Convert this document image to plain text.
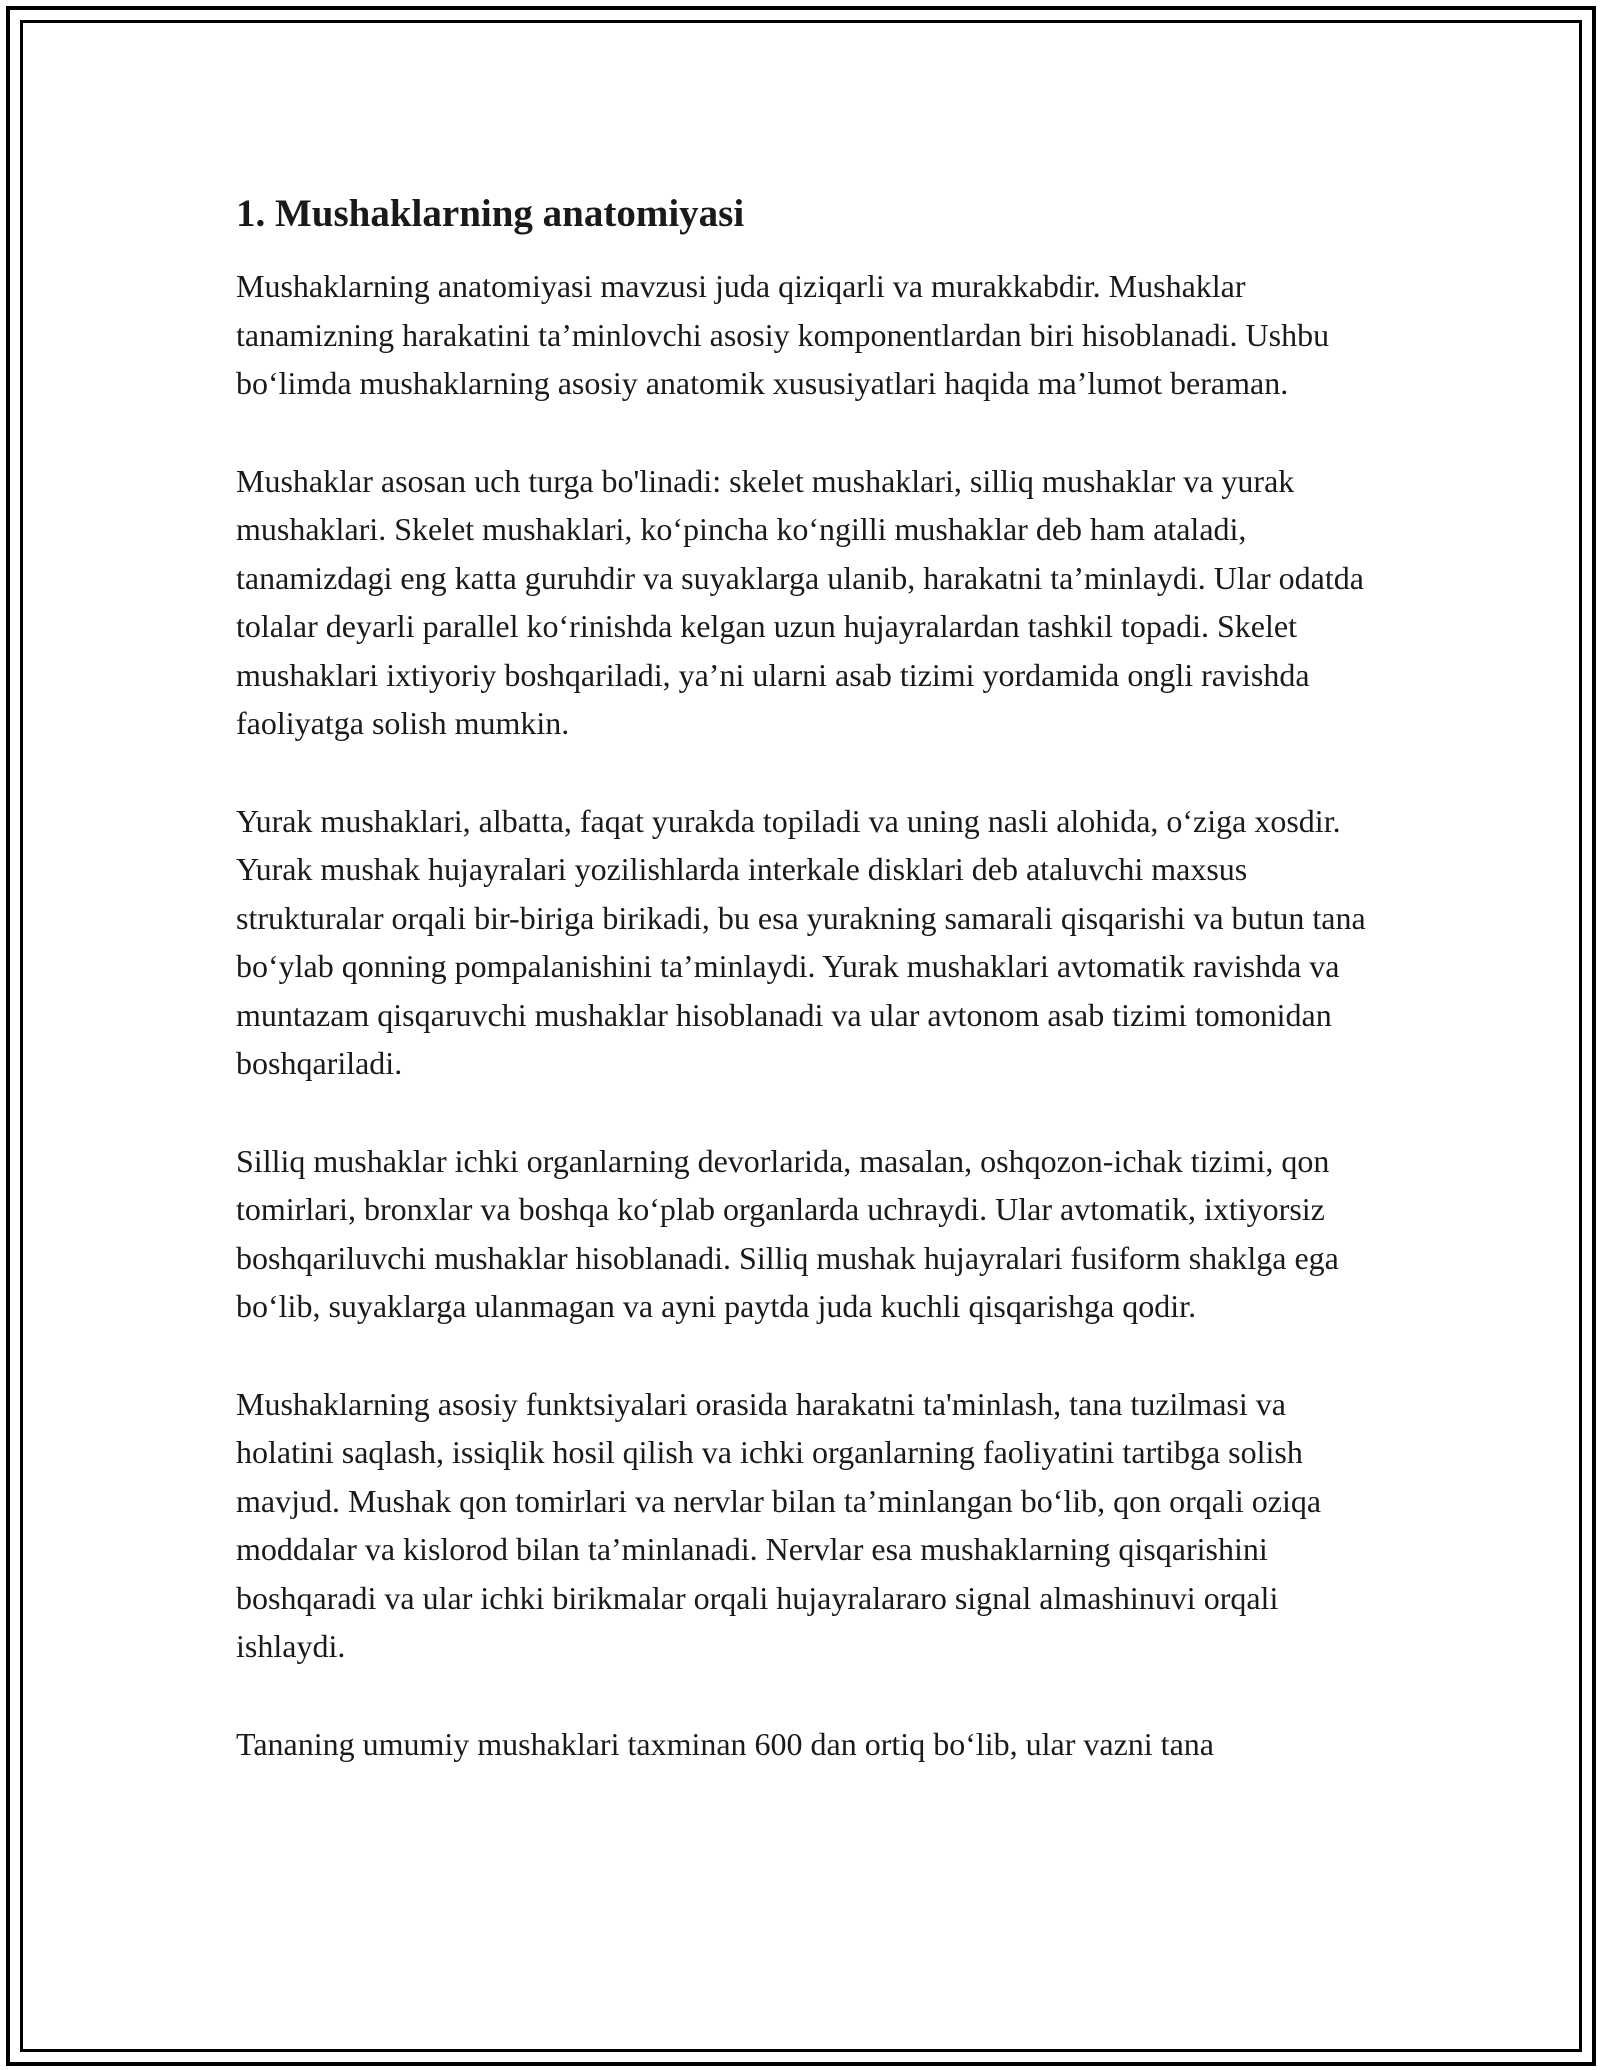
1. Mushaklarning anatomiyasi

Mushaklarning anatomiyasi mavzusi juda qiziqarli va murakkabdir. Mushaklar tanamizning harakatini ta’minlovchi asosiy komponentlardan biri hisoblanadi. Ushbu bo‘limda mushaklarning asosiy anatomik xususiyatlari haqida ma’lumot beraman.

Mushaklar asosan uch turga bo'linadi: skelet mushaklari, silliq mushaklar va yurak mushaklari. Skelet mushaklari, ko‘pincha ko‘ngilli mushaklar deb ham ataladi, tanamizdagi eng katta guruhdir va suyaklarga ulanib, harakatni ta’minlaydi. Ular odatda tolalar deyarli parallel ko‘rinishda kelgan uzun hujayralardan tashkil topadi. Skelet mushaklari ixtiyoriy boshqariladi, ya’ni ularni asab tizimi yordamida ongli ravishda faoliyatga solish mumkin.

Yurak mushaklari, albatta, faqat yurakda topiladi va uning nasli alohida, o‘ziga xosdir. Yurak mushak hujayralari yozilishlarda interkale disklari deb ataluvchi maxsus strukturalar orqali bir-biriga birikadi, bu esa yurakning samarali qisqarishi va butun tana bo‘ylab qonning pompalanishini ta’minlaydi. Yurak mushaklari avtomatik ravishda va muntazam qisqaruvchi mushaklar hisoblanadi va ular avtonom asab tizimi tomonidan boshqariladi.

Silliq mushaklar ichki organlarning devorlarida, masalan, oshqozon-ichak tizimi, qon tomirlari, bronxlar va boshqa ko‘plab organlarda uchraydi. Ular avtomatik, ixtiyorsiz boshqariluvchi mushaklar hisoblanadi. Silliq mushak hujayralari fusiform shaklga ega bo‘lib, suyaklarga ulanmagan va ayni paytda juda kuchli qisqarishga qodir.

Mushaklarning asosiy funktsiyalari orasida harakatni ta'minlash, tana tuzilmasi va holatini saqlash, issiqlik hosil qilish va ichki organlarning faoliyatini tartibga solish mavjud. Mushak qon tomirlari va nervlar bilan ta’minlangan bo‘lib, qon orqali oziqa moddalar va kislorod bilan ta’minlanadi. Nervlar esa mushaklarning qisqarishini boshqaradi va ular ichki birikmalar orqali hujayralararo signal almashinuvi orqali ishlaydi.

Tananing umumiy mushaklari taxminan 600 dan ortiq bo‘lib, ular vazni tana
